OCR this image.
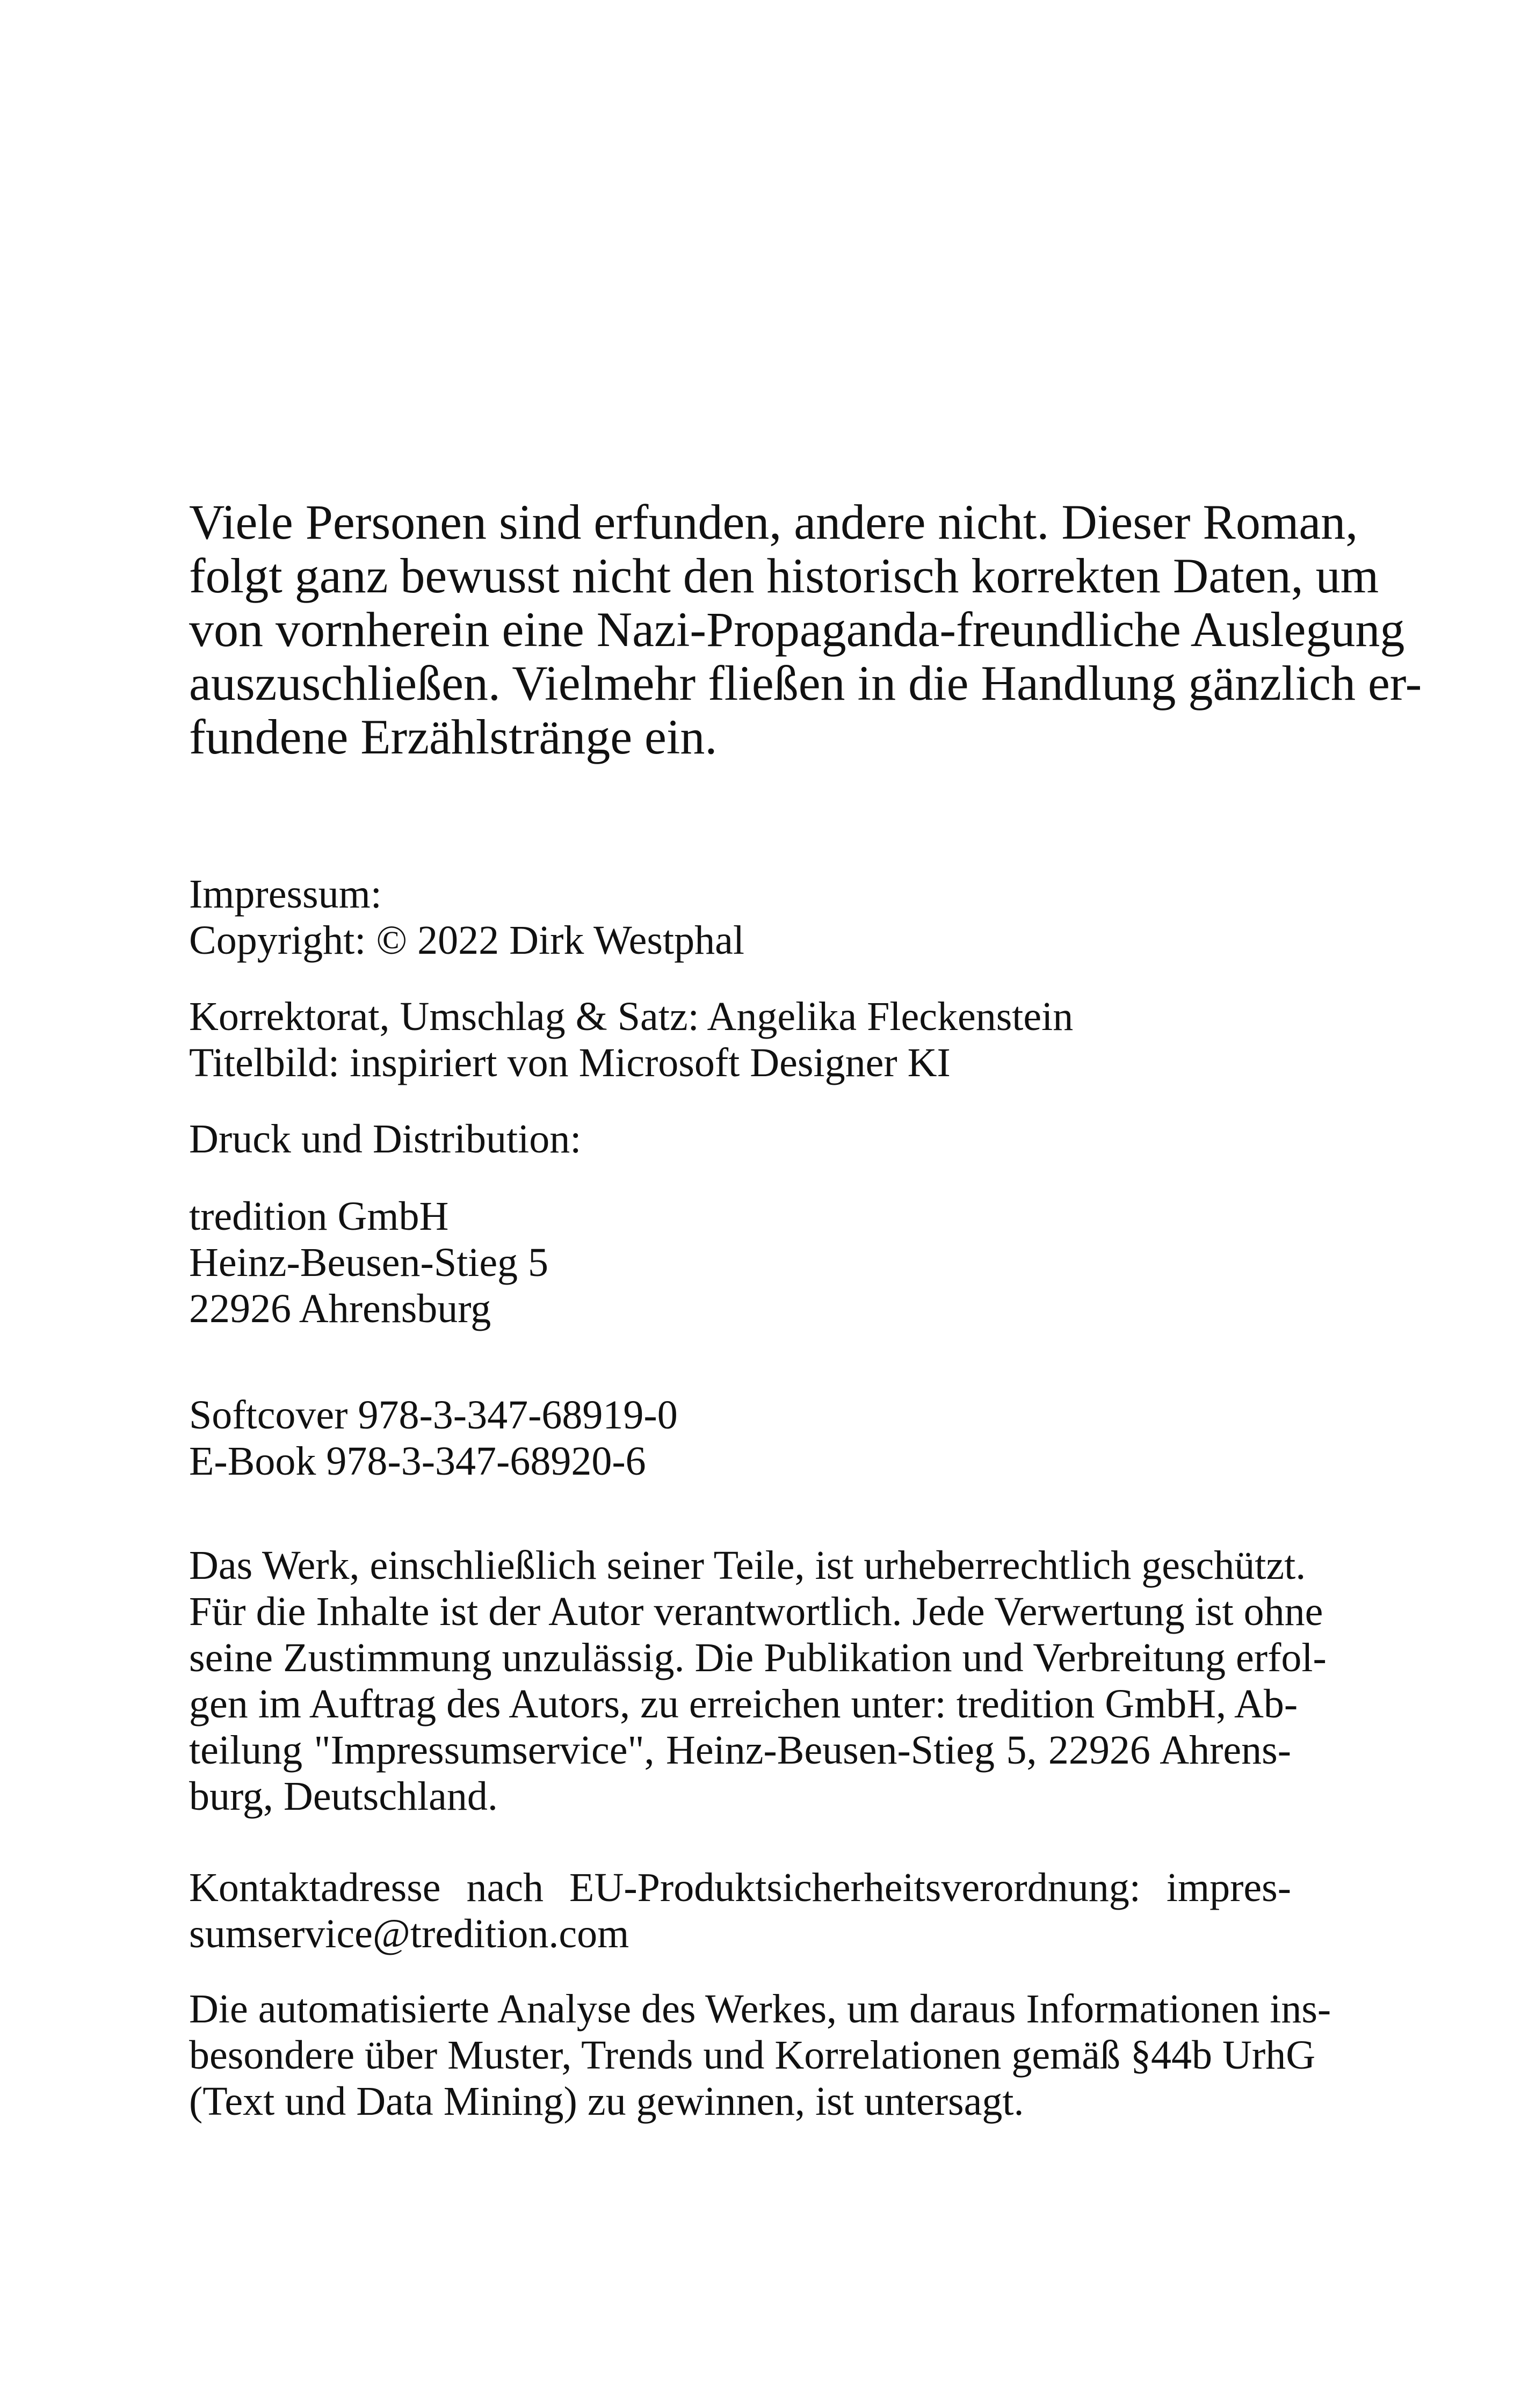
Viele Personen sind erfunden, andere nicht. Dieser Roman,
folgt ganz bewusst nicht den historisch korrekten Daten, um
von vornherein eine Nazi-Propaganda-freundliche Auslegung
auszuschließen. Vielmehr fließen in die Handlung gänzlich er-
fundene Erzählstränge ein.

Impressum:
Copyright: © 2022 Dirk Westphal
Korrektorat, Umschlag & Satz: Angelika Fleckenstein
Titelbild: inspiriert von Microsoft Designer KI
Druck und Distribution:
tredition GmbH
Heinz-Beusen-Stieg 5
22926 Ahrensburg
Softcover 978-3-347-68919-0
E-Book 978-3-347-68920-6
Das Werk, einschließlich seiner Teile, ist urheberrechtlich geschützt.
Für die Inhalte ist der Autor verantwortlich. Jede Verwertung ist ohne
seine Zustimmung unzulässig. Die Publikation und Verbreitung erfol-
gen im Auftrag des Autors, zu erreichen unter: tredition GmbH, Ab-
teilung "Impressumservice", Heinz-Beusen-Stieg 5, 22926 Ahrens-
burg, Deutschland.
Kontaktadresse nach EU-Produktsicherheitsverordnung: impres-
sumservice@tredition.com
Die automatisierte Analyse des Werkes, um daraus Informationen ins-
besondere über Muster, Trends und Korrelationen gemäß §44b UrhG
(Text und Data Mining) zu gewinnen, ist untersagt.
